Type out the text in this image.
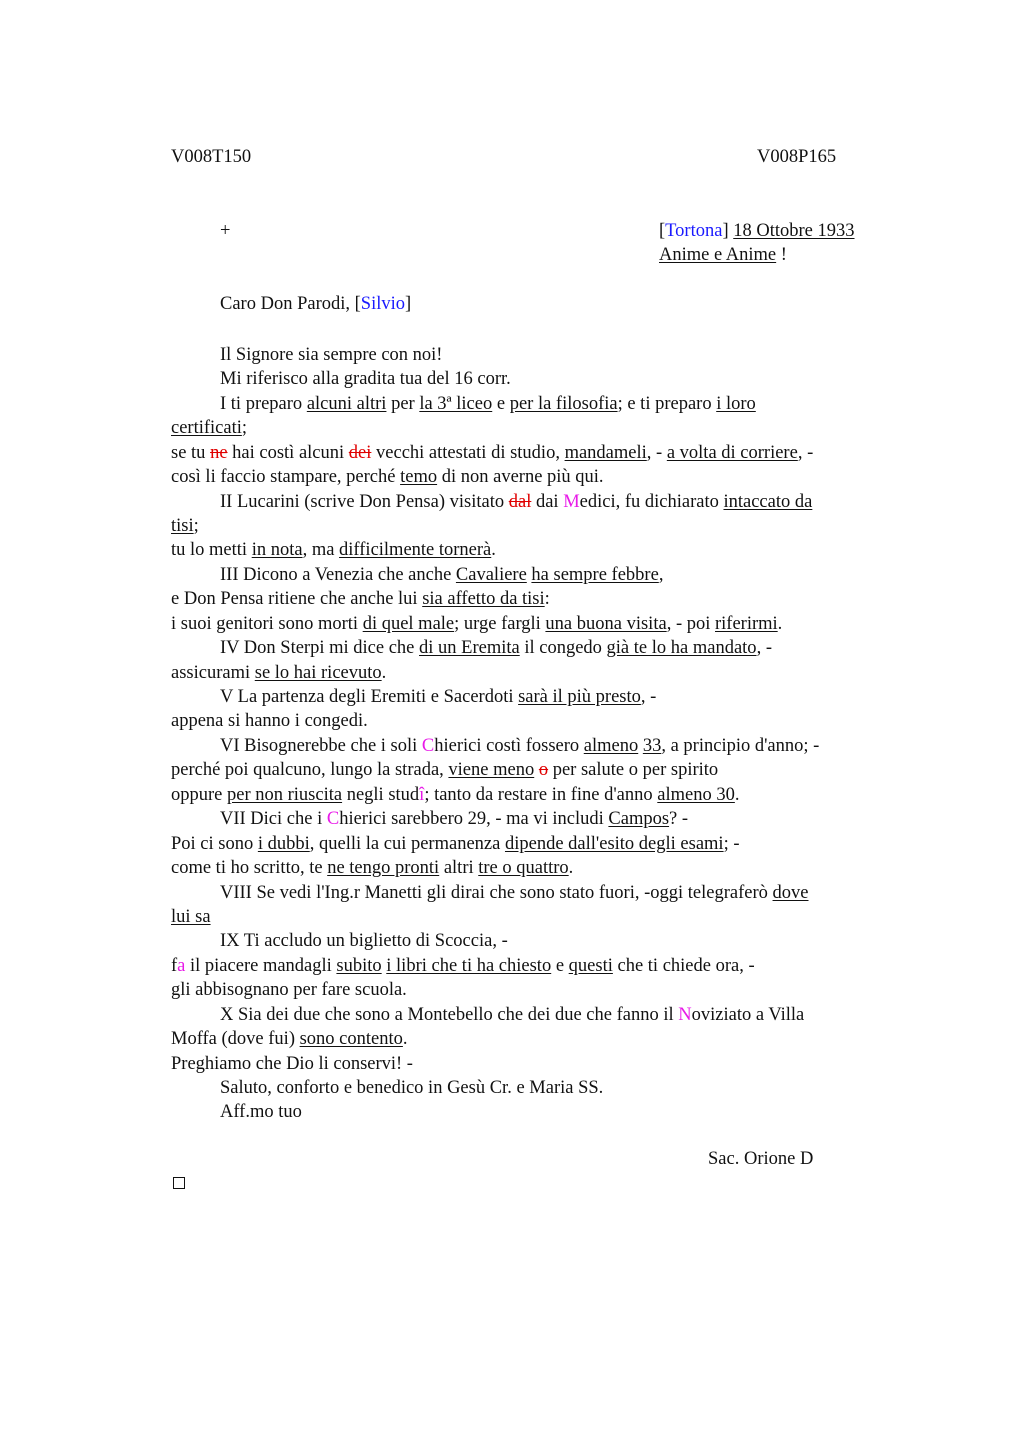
V008T150	V008P165
+	[Tortona] 18 Ottobre 1933
Anime e Anime !
Caro Don Parodi, [Silvio]
Il Signore sia sempre con noi!
Mi riferisco alla gradita tua del 16 corr.
I ti preparo alcuni altri per la 3ª liceo e per la filosofia; e ti preparo i loro
certificati;
se tu ne hai costì alcuni dei vecchi attestati di studio, mandameli, - a volta di corriere, -
così li faccio stampare, perché temo di non averne più qui.
II Lucarini (scrive Don Pensa) visitato dal dai Medici, fu dichiarato intaccato da
tisi;
tu lo metti in nota, ma difficilmente tornerà.
III Dicono a Venezia che anche Cavaliere ha sempre febbre,
e Don Pensa ritiene che anche lui sia affetto da tisi:
i suoi genitori sono morti di quel male; urge fargli una buona visita, - poi riferirmi.
IV Don Sterpi mi dice che di un Eremita il congedo già te lo ha mandato, -
assicurami se lo hai ricevuto.
V La partenza degli Eremiti e Sacerdoti sarà il più presto, -
appena si hanno i congedi.
VI Bisognerebbe che i soli Chierici costì fossero almeno 33, a principio d'anno; -
perché poi qualcuno, lungo la strada, viene meno o per salute o per spirito
oppure per non riuscita negli studî; tanto da restare in fine d'anno almeno 30.
VII Dici che i Chierici sarebbero 29, - ma vi includi Campos? -
Poi ci sono i dubbi, quelli la cui permanenza dipende dall'esito degli esami; -
come ti ho scritto, te ne tengo pronti altri tre o quattro.
VIII Se vedi l'Ing.r Manetti gli dirai che sono stato fuori, -oggi telegraferò dove
lui sa
IX Ti accludo un biglietto di Scoccia, -
fa il piacere mandagli subito i libri che ti ha chiesto e questi che ti chiede ora, -
gli abbisognano per fare scuola.
X Sia dei due che sono a Montebello che dei due che fanno il Noviziato a Villa
Moffa (dove fui) sono contento.
Preghiamo che Dio li conservi! -
Saluto, conforto e benedico in Gesù Cr. e Maria SS.
Aff.mo tuo
Sac. Orione D
